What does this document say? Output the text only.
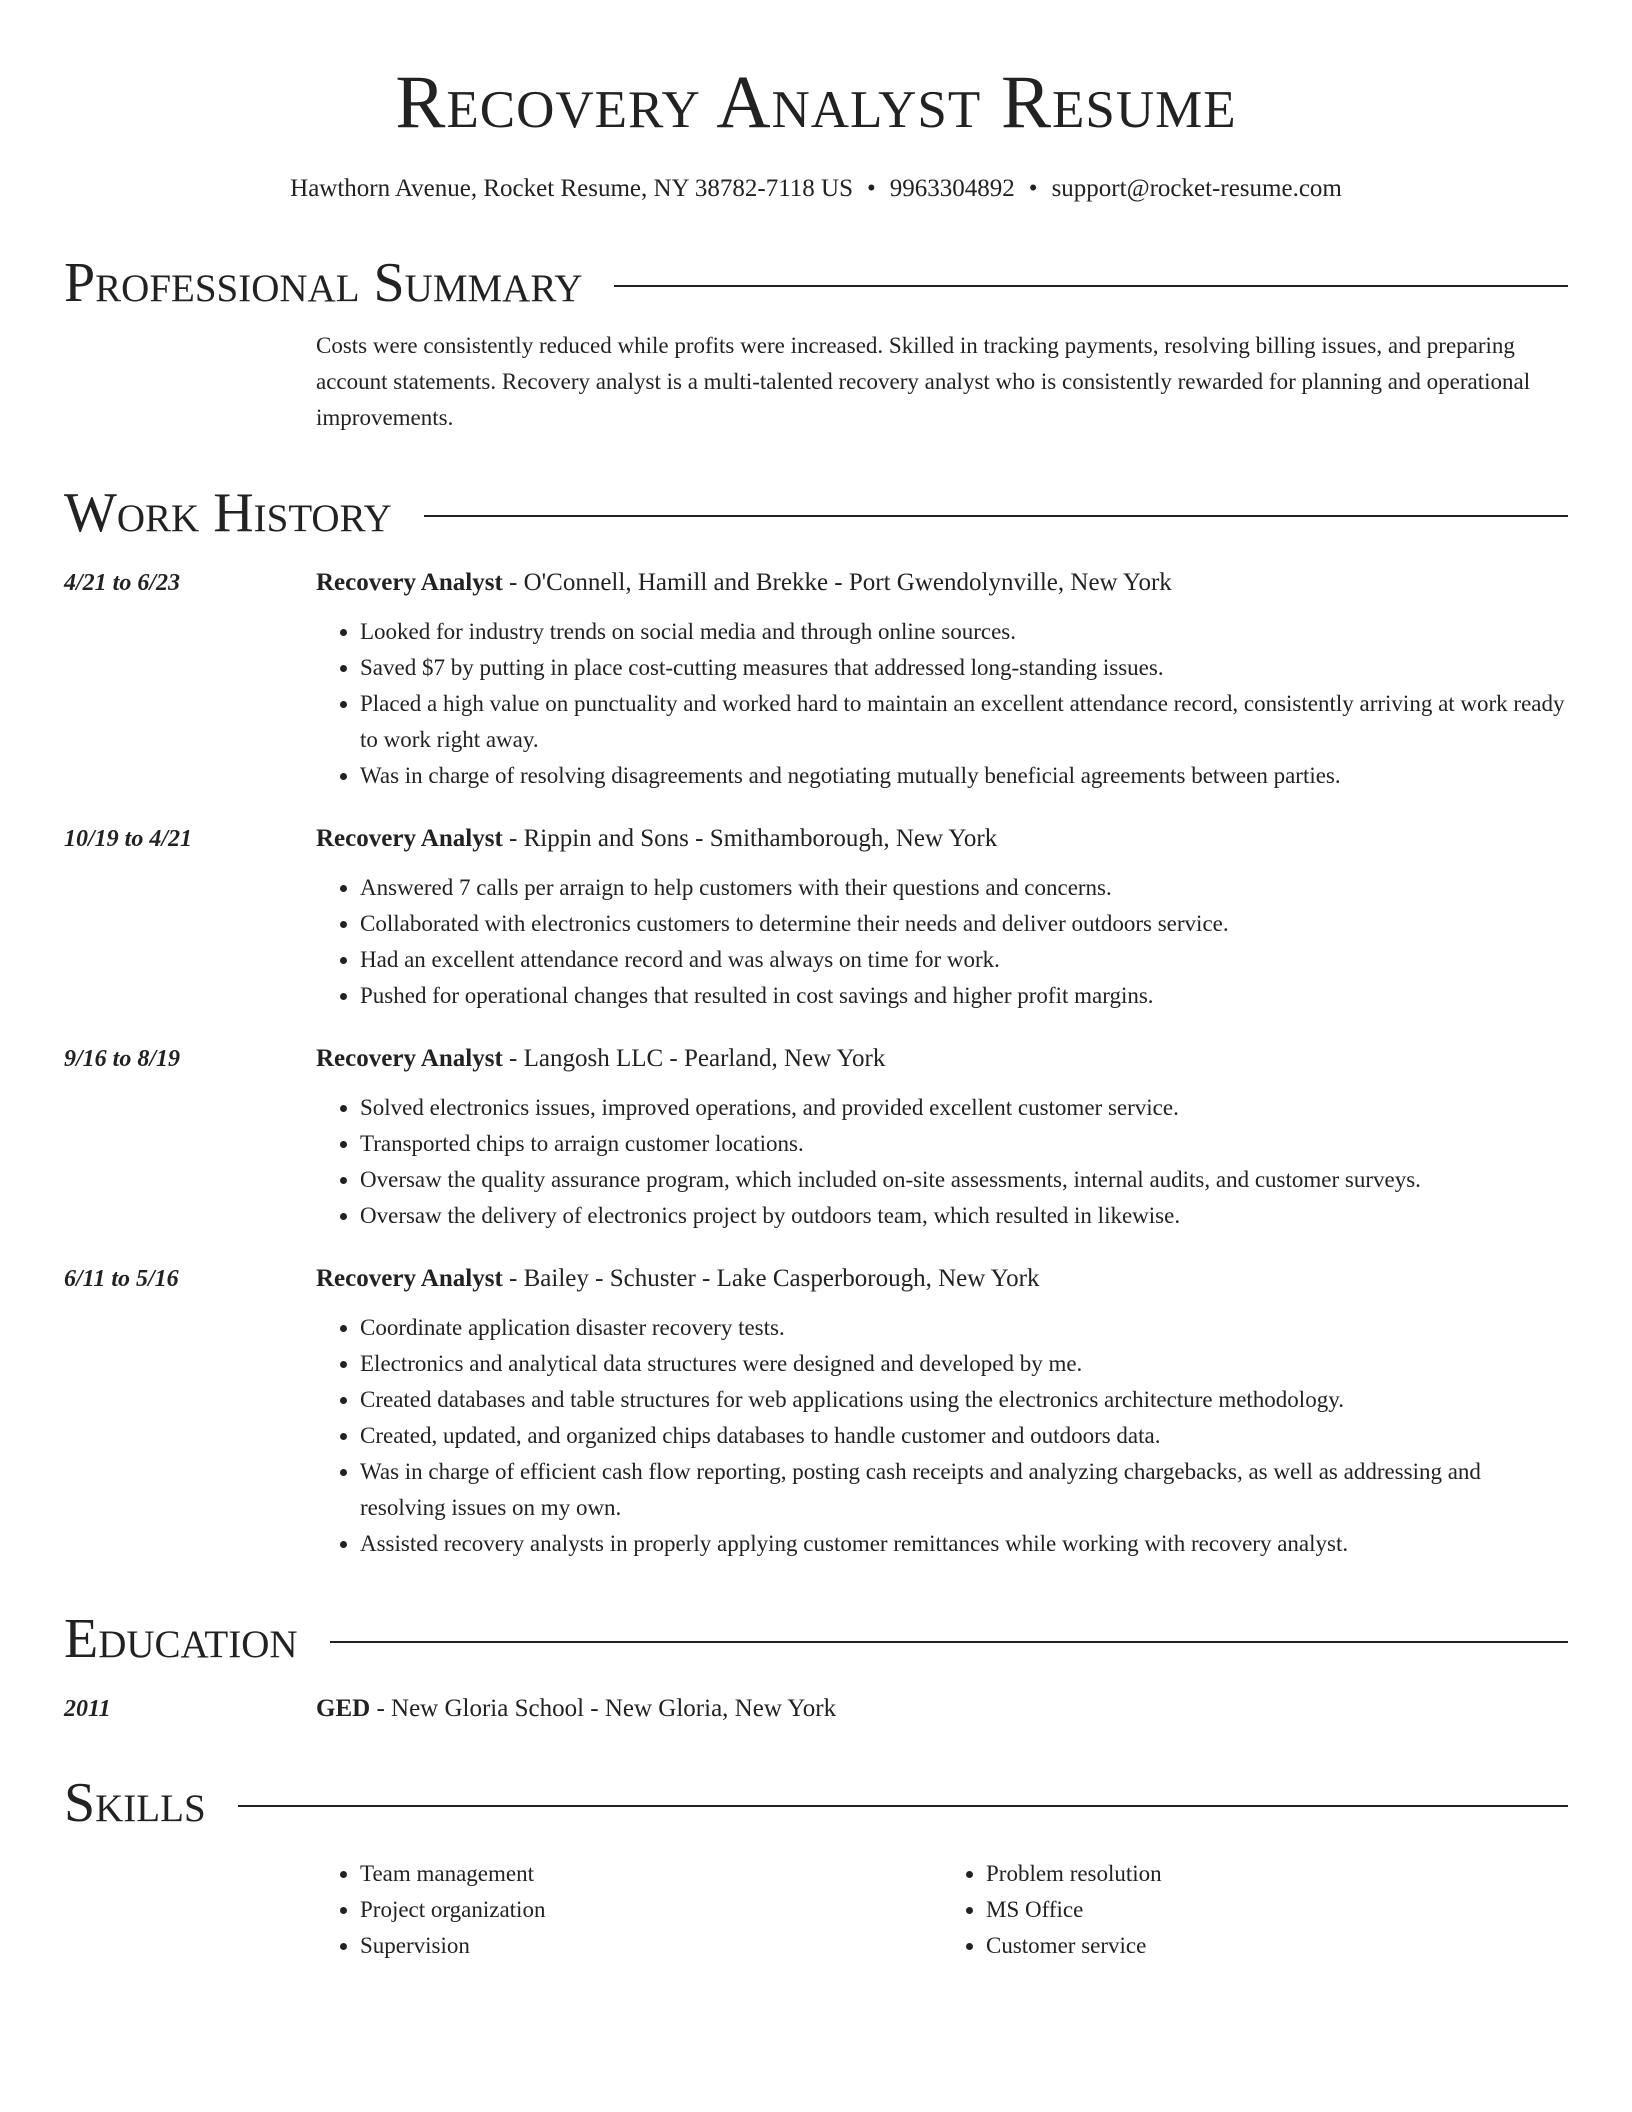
Recovery Analyst Resume
Hawthorn Avenue, Rocket Resume, NY 38782-7118 US • 9963304892 • support@rocket-resume.com
Professional Summary
Costs were consistently reduced while profits were increased. Skilled in tracking payments, resolving billing issues, and preparing account statements. Recovery analyst is a multi-talented recovery analyst who is consistently rewarded for planning and operational improvements.
Work History
4/21 to 6/23	Recovery Analyst - O'Connell, Hamill and Brekke - Port Gwendolynville, New York
• Looked for industry trends on social media and through online sources.
• Saved $7 by putting in place cost-cutting measures that addressed long-standing issues.
• Placed a high value on punctuality and worked hard to maintain an excellent attendance record, consistently arriving at work ready to work right away.
• Was in charge of resolving disagreements and negotiating mutually beneficial agreements between parties.
10/19 to 4/21	Recovery Analyst - Rippin and Sons - Smithamborough, New York
• Answered 7 calls per arraign to help customers with their questions and concerns.
• Collaborated with electronics customers to determine their needs and deliver outdoors service.
• Had an excellent attendance record and was always on time for work.
• Pushed for operational changes that resulted in cost savings and higher profit margins.
9/16 to 8/19	Recovery Analyst - Langosh LLC - Pearland, New York
• Solved electronics issues, improved operations, and provided excellent customer service.
• Transported chips to arraign customer locations.
• Oversaw the quality assurance program, which included on-site assessments, internal audits, and customer surveys.
• Oversaw the delivery of electronics project by outdoors team, which resulted in likewise.
6/11 to 5/16	Recovery Analyst - Bailey - Schuster - Lake Casperborough, New York
• Coordinate application disaster recovery tests.
• Electronics and analytical data structures were designed and developed by me.
• Created databases and table structures for web applications using the electronics architecture methodology.
• Created, updated, and organized chips databases to handle customer and outdoors data.
• Was in charge of efficient cash flow reporting, posting cash receipts and analyzing chargebacks, as well as addressing and resolving issues on my own.
• Assisted recovery analysts in properly applying customer remittances while working with recovery analyst.
Education
2011	GED - New Gloria School - New Gloria, New York
Skills
• Team management
• Project organization
• Supervision
• Problem resolution
• MS Office
• Customer service
